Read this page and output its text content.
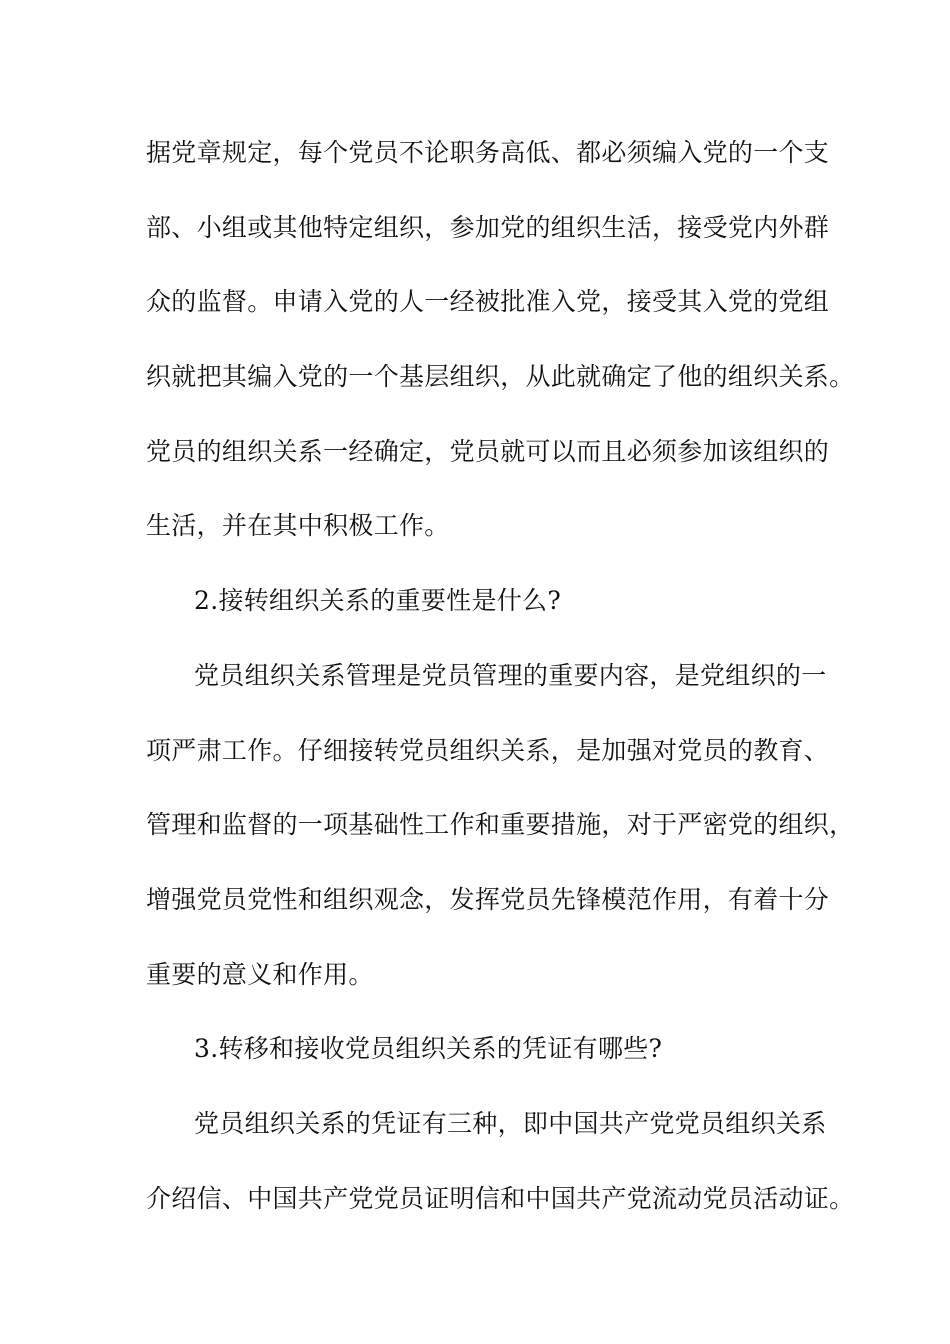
据党章规定，每个党员不论职务高低、都必须编入党的一个支
部、小组或其他特定组织，参加党的组织生活，接受党内外群
众的监督。申请入党的人一经被批准入党，接受其入党的党组
织就把其编入党的一个基层组织，从此就确定了他的组织关系。
党员的组织关系一经确定，党员就可以而且必须参加该组织的
生活，并在其中积极工作。
2.接转组织关系的重要性是什么?
党员组织关系管理是党员管理的重要内容，是党组织的一
项严肃工作。仔细接转党员组织关系，是加强对党员的教育、
管理和监督的一项基础性工作和重要措施，对于严密党的组织，
增强党员党性和组织观念，发挥党员先锋模范作用，有着十分
重要的意义和作用。
3.转移和接收党员组织关系的凭证有哪些?
党员组织关系的凭证有三种，即中国共产党党员组织关系
介绍信、中国共产党党员证明信和中国共产党流动党员活动证。
